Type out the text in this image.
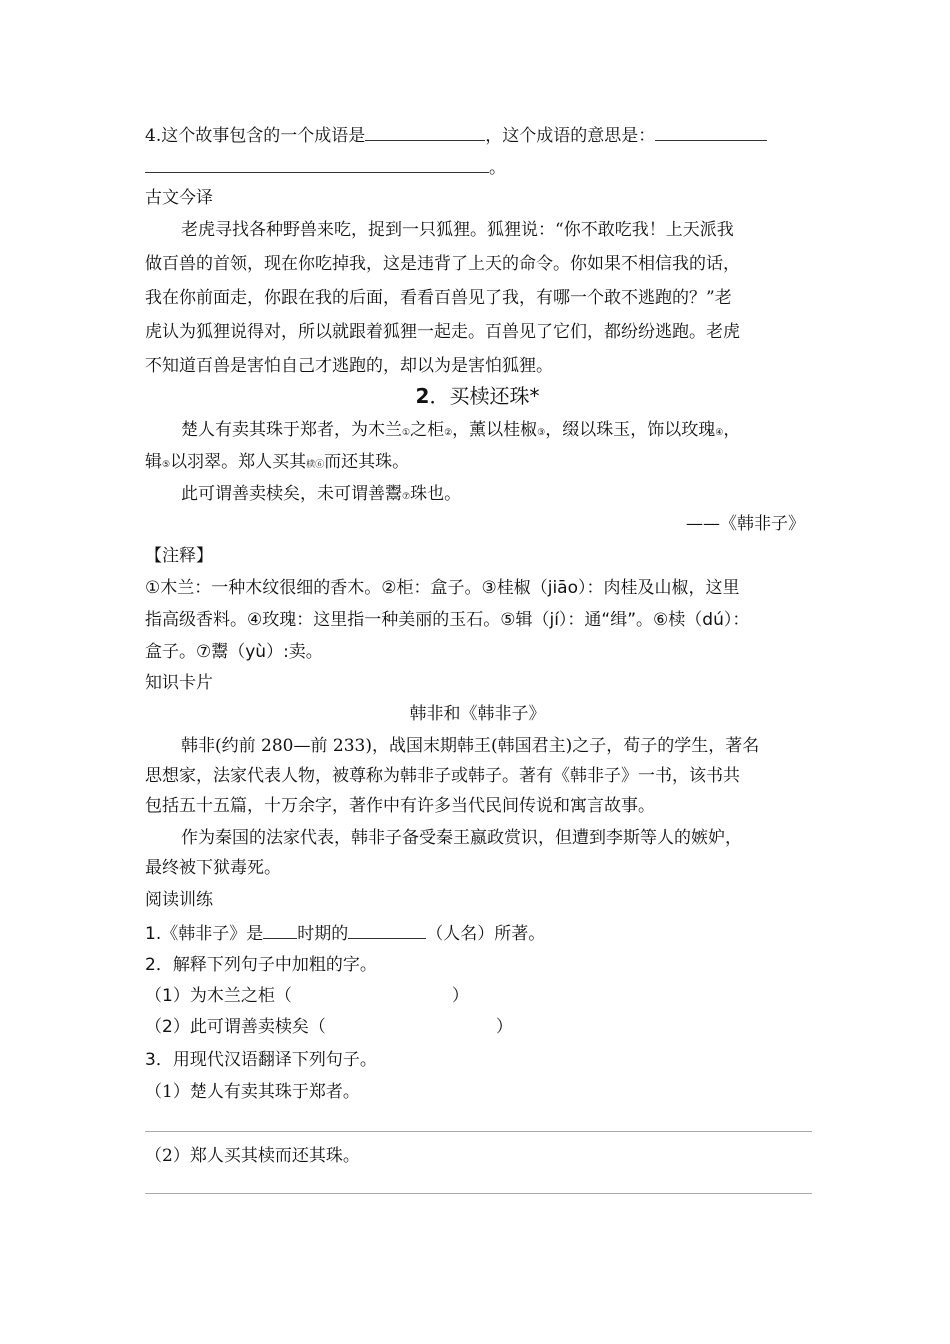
4.这个故事包含的一个成语是	，这个成语的意思是：
。
古文今译
老虎寻找各种野兽来吃，捉到一只狐狸。狐狸说：“你不敢吃我！上天派我
做百兽的首领，现在你吃掉我，这是违背了上天的命令。你如果不相信我的话，
我在你前面走，你跟在我的后面，看看百兽见了我，有哪一个敢不逃跑的？”老
虎认为狐狸说得对，所以就跟着狐狸一起走。百兽见了它们，都纷纷逃跑。老虎
不知道百兽是害怕自己才逃跑的，却以为是害怕狐狸。
2．买椟还珠*
楚人有卖其珠于郑者，为木兰①之柜②，薰以桂椒③，缀以珠玉，饰以玫瑰④，
辑⑤以羽翠。郑人买其椟⑥而还其珠。
此可谓善卖椟矣，未可谓善鬻⑦珠也。
——《韩非子》
【注释】
①木兰：一种木纹很细的香木。②柜：盒子。③桂椒（jiāo）：肉桂及山椒，这里
指高级香料。④玫瑰：这里指一种美丽的玉石。⑤辑（jí）：通“缉”。⑥椟（dú）：
盒子。⑦鬻（yù）:卖。
知识卡片
韩非和《韩非子》
韩非(约前 280—前 233)，战国末期韩王(韩国君主)之子，荀子的学生，著名
思想家，法家代表人物，被尊称为韩非子或韩子。著有《韩非子》一书，该书共
包括五十五篇，十万余字，著作中有许多当代民间传说和寓言故事。
作为秦国的法家代表，韩非子备受秦王嬴政赏识，但遭到李斯等人的嫉妒，
最终被下狱毒死。
阅读训练
1.《韩非子》是 时期的	（人名）所著。
2．解释下列句子中加粗的字。
（1）为木兰之柜（	）
（2）此可谓善卖椟矣（	）
3．用现代汉语翻译下列句子。
（1）楚人有卖其珠于郑者。
（2）郑人买其椟而还其珠。
